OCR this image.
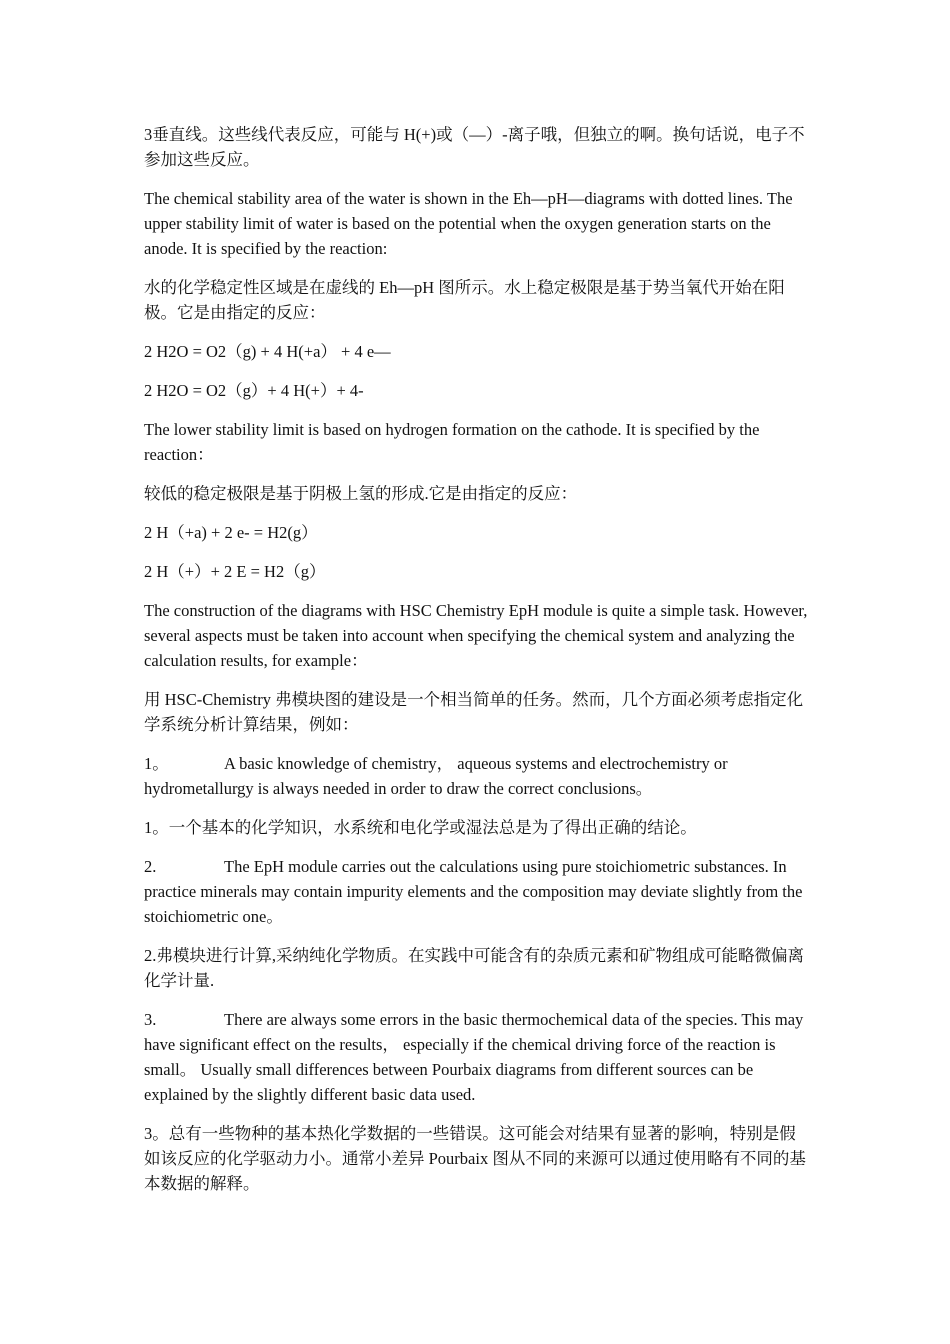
3垂直线。这些线代表反应，可能与 H(+)或（—）-离子哦，但独立的啊。换句话说，电子不参加这些反应。

The chemical stability area of the water is shown in the Eh—pH—diagrams with dotted lines. The upper stability limit of water is based on the potential when the oxygen generation starts on the anode. It is specified by the reaction:

水的化学稳定性区域是在虚线的 Eh—pH 图所示。水上稳定极限是基于势当氧代开始在阳极。它是由指定的反应：

2 H2O = O2（g) + 4 H(+a） + 4 e—

2 H2O = O2（g）+ 4 H(+）+ 4-

The lower stability limit is based on hydrogen formation on the cathode. It is specified by the reaction：

较低的稳定极限是基于阴极上氢的形成.它是由指定的反应：

2 H（+a) + 2 e- = H2(g）

2 H（+）+ 2 E = H2（g）

The construction of the diagrams with HSC Chemistry EpH module is quite a simple task. However, several aspects must be taken into account when specifying the chemical system and analyzing the calculation results, for example：

用 HSC-Chemistry 弗模块图的建设是一个相当简单的任务。然而，几个方面必须考虑指定化学系统分析计算结果，例如：

1。	A basic knowledge of chemistry， aqueous systems and electrochemistry or hydrometallurgy is always needed in order to draw the correct conclusions。

1。一个基本的化学知识，水系统和电化学或湿法总是为了得出正确的结论。

2.	The EpH module carries out the calculations using pure stoichiometric substances. In practice minerals may contain impurity elements and the composition may deviate slightly from the stoichiometric one。

2.弗模块进行计算,采纳纯化学物质。在实践中可能含有的杂质元素和矿物组成可能略微偏离化学计量.

3.	There are always some errors in the basic thermochemical data of the species. This may have significant effect on the results， especially if the chemical driving force of the reaction is small。 Usually small differences between Pourbaix diagrams from different sources can be explained by the slightly different basic data used.

3。总有一些物种的基本热化学数据的一些错误。这可能会对结果有显著的影响，特别是假如该反应的化学驱动力小。通常小差异 Pourbaix 图从不同的来源可以通过使用略有不同的基本数据的解释。
